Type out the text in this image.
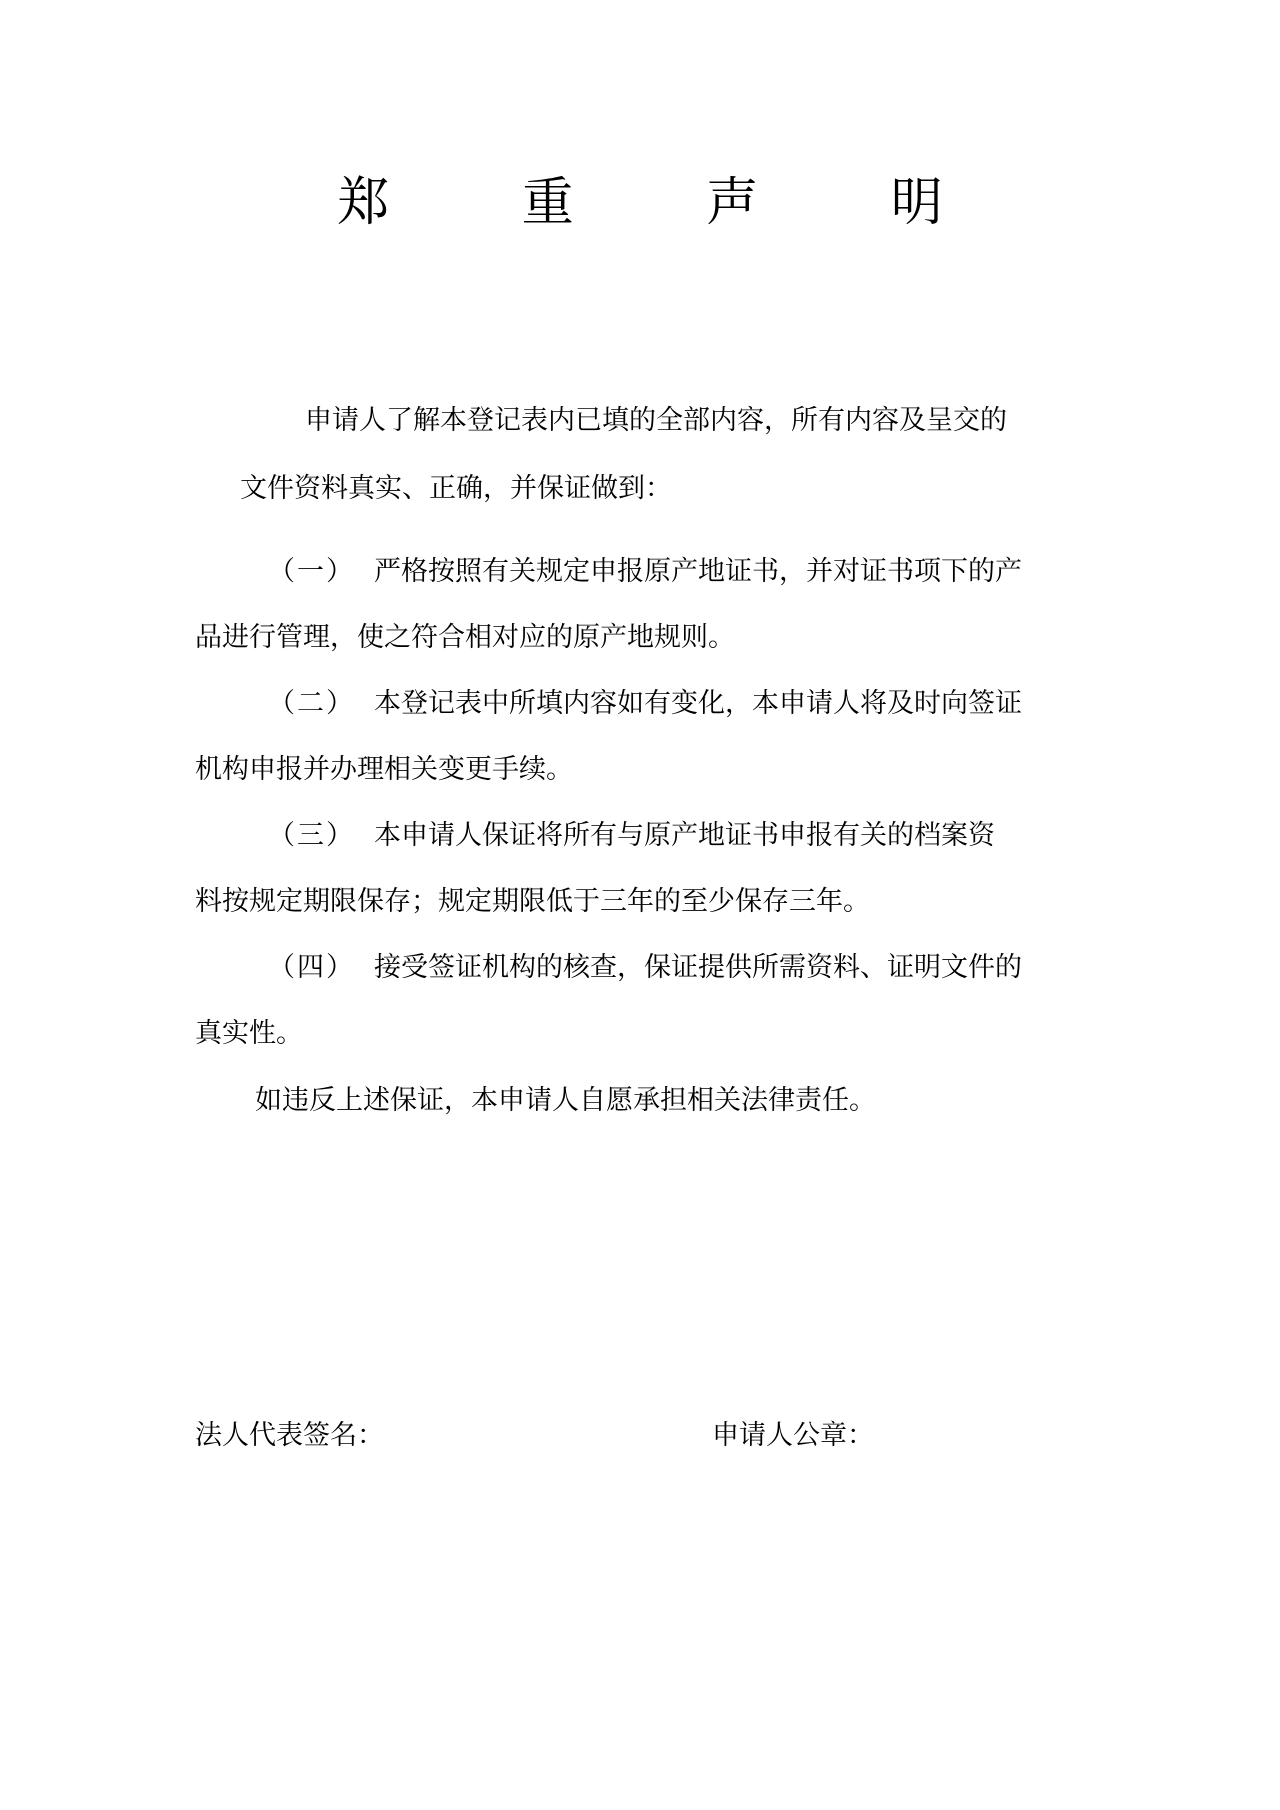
郑 重 声 明
申请人了解本登记表内已填的全部内容，所有内容及呈交的
文件资料真实、正确，并保证做到：
（一） 严格按照有关规定申报原产地证书，并对证书项下的产
品进行管理，使之符合相对应的原产地规则。
（二） 本登记表中所填内容如有变化，本申请人将及时向签证
机构申报并办理相关变更手续。
（三） 本申请人保证将所有与原产地证书申报有关的档案资
料按规定期限保存；规定期限低于三年的至少保存三年。
（四） 接受签证机构的核查，保证提供所需资料、证明文件的
真实性。
如违反上述保证，本申请人自愿承担相关法律责任。
法人代表签名：	申请人公章：
